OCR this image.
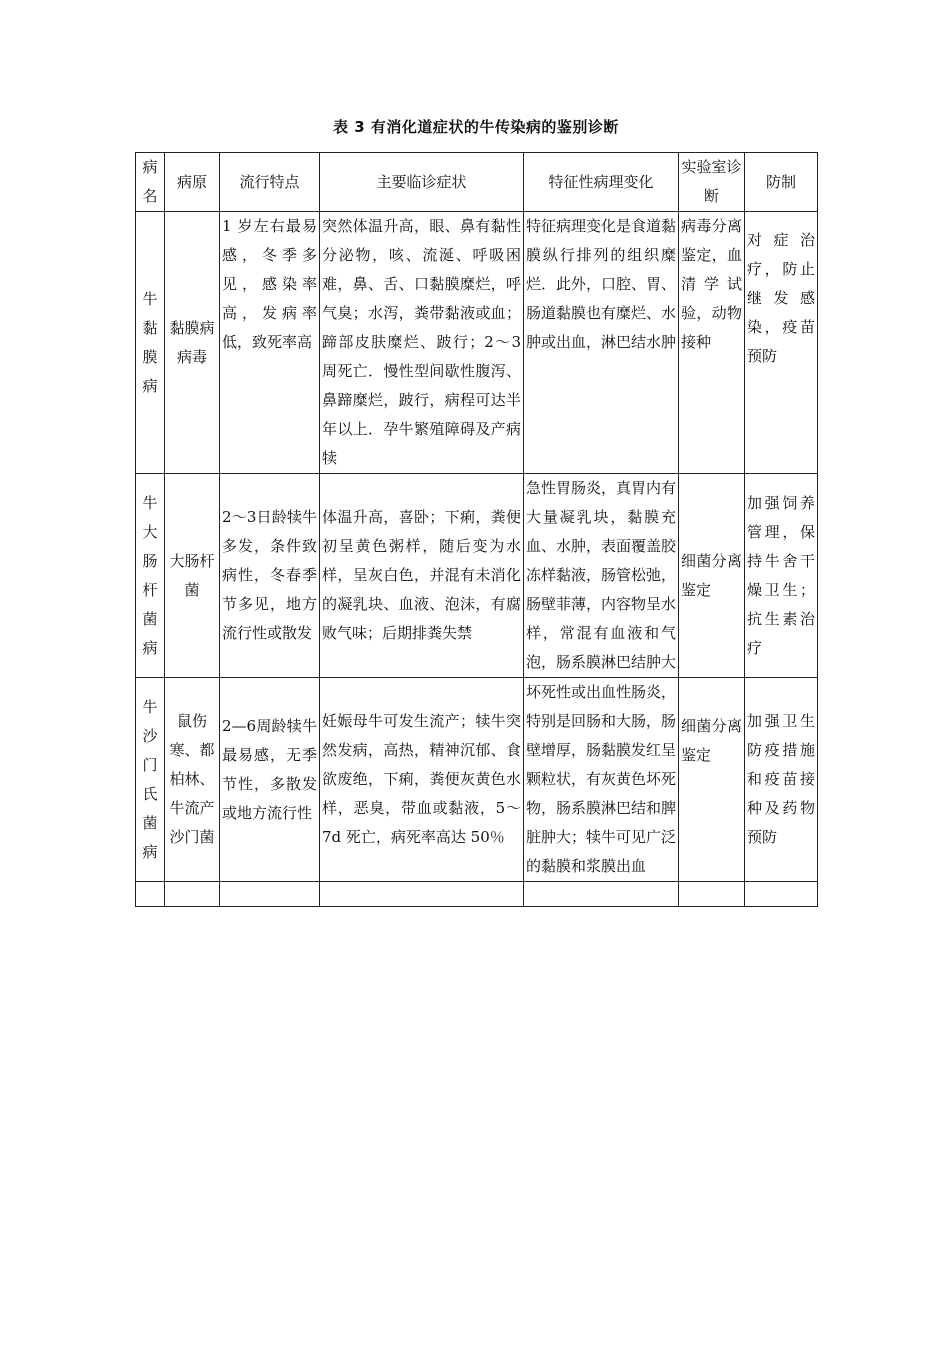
表 3 有消化道症状的牛传染病的鉴别诊断
病名	病原	流行特点	主要临诊症状	特征性病理变化	实验室诊　断	防制
牛黏膜病	黏膜病病毒	1 岁左右最易感，冬季多见，感染率高，发病率低，致死率高	突然体温升高，眼、鼻有黏性分泌物，咳、流涎、呼吸困难，鼻、舌、口黏膜糜烂，呼气臭；水泻，粪带黏液或血；蹄部皮肤糜烂、跛行；2～3 周死亡．慢性型间歇性腹泻、鼻蹄糜烂，跛行，病程可达半年以上．孕牛繁殖障碍及产病犊	特征病理变化是食道黏膜纵行排列的组织糜烂．此外，口腔、胃、肠道黏膜也有糜烂、水肿或出血，淋巴结水肿	病毒分离　鉴定，血清学试验，动物接种	对症治疗，防止继发感染，疫苗预防
牛大肠杆菌病	大肠杆菌	2～3日龄犊牛多发，条件致病性，冬春季节多见，地方流行性或散发	体温升高，喜卧；下痢，粪便初呈黄色粥样，随后变为水样，呈灰白色，并混有未消化的凝乳块、血液、泡沫，有腐败气味；后期排粪失禁	急性胃肠炎，真胃内有大量凝乳块，黏膜充血、水肿，表面覆盖胶冻样黏液，肠管松弛，肠壁菲薄，内容物呈水样，常混有血液和气泡，肠系膜淋巴结肿大	细菌分离鉴定	加强饲养管理，保持牛舍干燥卫生；抗生素治疗
牛沙门氏菌病	鼠伤寒、都柏林、牛流产沙门菌	2—6周龄犊牛最易感，无季节性，多散发或地方流行性	妊娠母牛可发生流产；犊牛突然发病，高热，精神沉郁、食欲废绝，下痢，粪便灰黄色水样，恶臭，带血或黏液，5～7d 死亡，病死率高达 50％	坏死性或出血性肠炎，特别是回肠和大肠，肠壁增厚，肠黏膜发红呈颗粒状，有灰黄色坏死物，肠系膜淋巴结和脾脏肿大；犊牛可见广泛的黏膜和浆膜出血	细菌分离鉴定	加强卫生防疫措施和疫苗接种及药物预防
